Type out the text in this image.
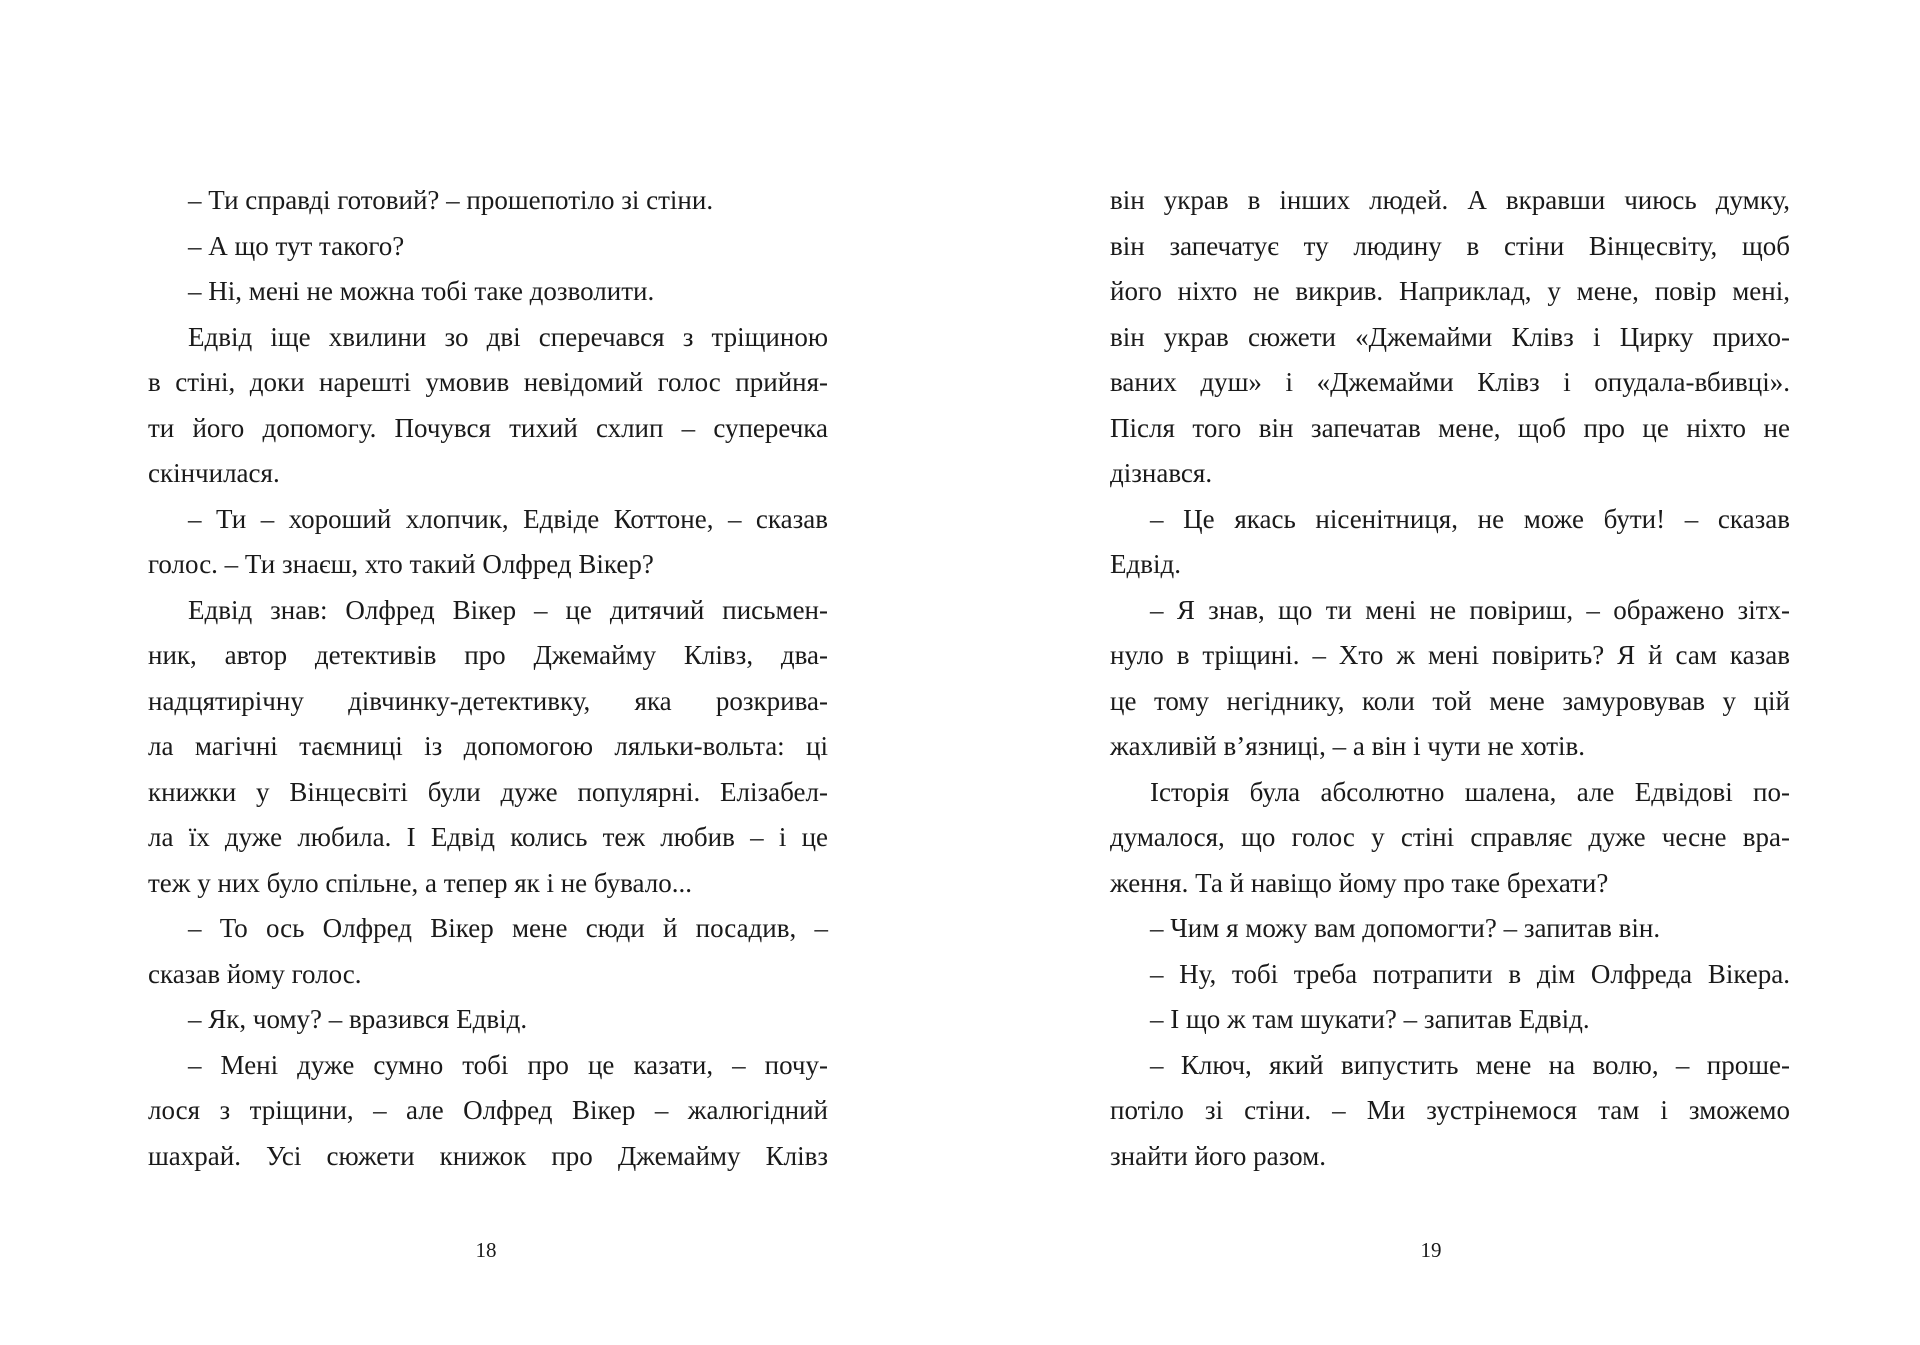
– Ти справді готовий? – прошепотіло зі стіни.
– А що тут такого?
– Ні, мені не можна тобі таке дозволити.
Едвід іще хвилини зо дві сперечався з тріщиною
в стіні, доки нарешті умовив невідомий голос прийня-
ти його допомогу. Почувся тихий схлип – суперечка
скінчилася.
– Ти – хороший хлопчик, Едвіде Коттоне, – сказав
голос. – Ти знаєш, хто такий Олфред Вікер?
Едвід знав: Олфред Вікер – це дитячий письмен-
ник, автор детективів про Джемайму Клівз, два-
надцятирічну дівчинку-детективку, яка розкрива-
ла магічні таємниці із допомогою ляльки-вольта: ці
книжки у Вінцесвіті були дуже популярні. Елізабел-
ла їх дуже любила. І Едвід колись теж любив – і це
теж у них було спільне, а тепер як і не бувало...
– То ось Олфред Вікер мене сюди й посадив, –
сказав йому голос.
– Як, чому? – вразився Едвід.
– Мені дуже сумно тобі про це казати, – почу-
лося з тріщини, – але Олфред Вікер – жалюгідний
шахрай. Усі сюжети книжок про Джемайму Клівз
18
він украв в інших людей. А вкравши чиюсь думку,
він запечатує ту людину в стіни Вінцесвіту, щоб
його ніхто не викрив. Наприклад, у мене, повір мені,
він украв сюжети «Джемайми Клівз і Цирку прихо-
ваних душ» і «Джемайми Клівз і опудала-вбивці».
Після того він запечатав мене, щоб про це ніхто не
дізнався.
– Це якась нісенітниця, не може бути! – сказав
Едвід.
– Я знав, що ти мені не повіриш, – ображено зітх-
нуло в тріщині. – Хто ж мені повірить? Я й сам казав
це тому негіднику, коли той мене замуровував у цій
жахливій в’язниці, – а він і чути не хотів.
Історія була абсолютно шалена, але Едвідові по-
думалося, що голос у стіні справляє дуже чесне вра-
ження. Та й навіщо йому про таке брехати?
– Чим я можу вам допомогти? – запитав він.
– Ну, тобі треба потрапити в дім Олфреда Вікера.
– І що ж там шукати? – запитав Едвід.
– Ключ, який випустить мене на волю, – проше-
потіло зі стіни. – Ми зустрінемося там і зможемо
знайти його разом.
19
